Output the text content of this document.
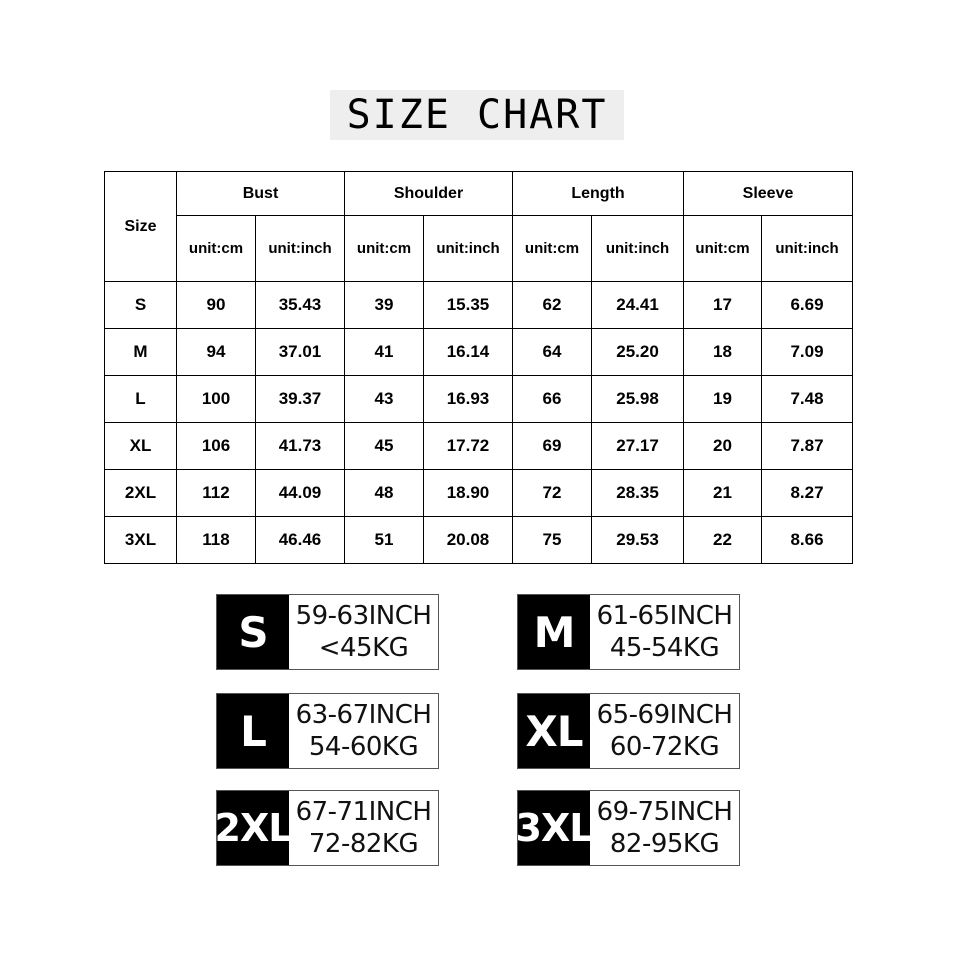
SIZE CHART
Size	Bust		Shoulder		Length		Sleeve	
	unit:cm	unit:inch	unit:cm	unit:inch	unit:cm	unit:inch	unit:cm	unit:inch
S	90	35.43	39	15.35	62	24.41	17	6.69
M	94	37.01	41	16.14	64	25.20	18	7.09
L	100	39.37	43	16.93	66	25.98	19	7.48
XL	106	41.73	45	17.72	69	27.17	20	7.87
2XL	112	44.09	48	18.90	72	28.35	21	8.27
3XL	118	46.46	51	20.08	75	29.53	22	8.66
S	59-63INCH
<45KG	M 61-65INCH
45-54KG
L	63-67INCH
54-60KG	XL 65-69INCH
60-72KG
2XL 67-71INCH
72-82KG	3XL 69-75INCH
82-95KG
